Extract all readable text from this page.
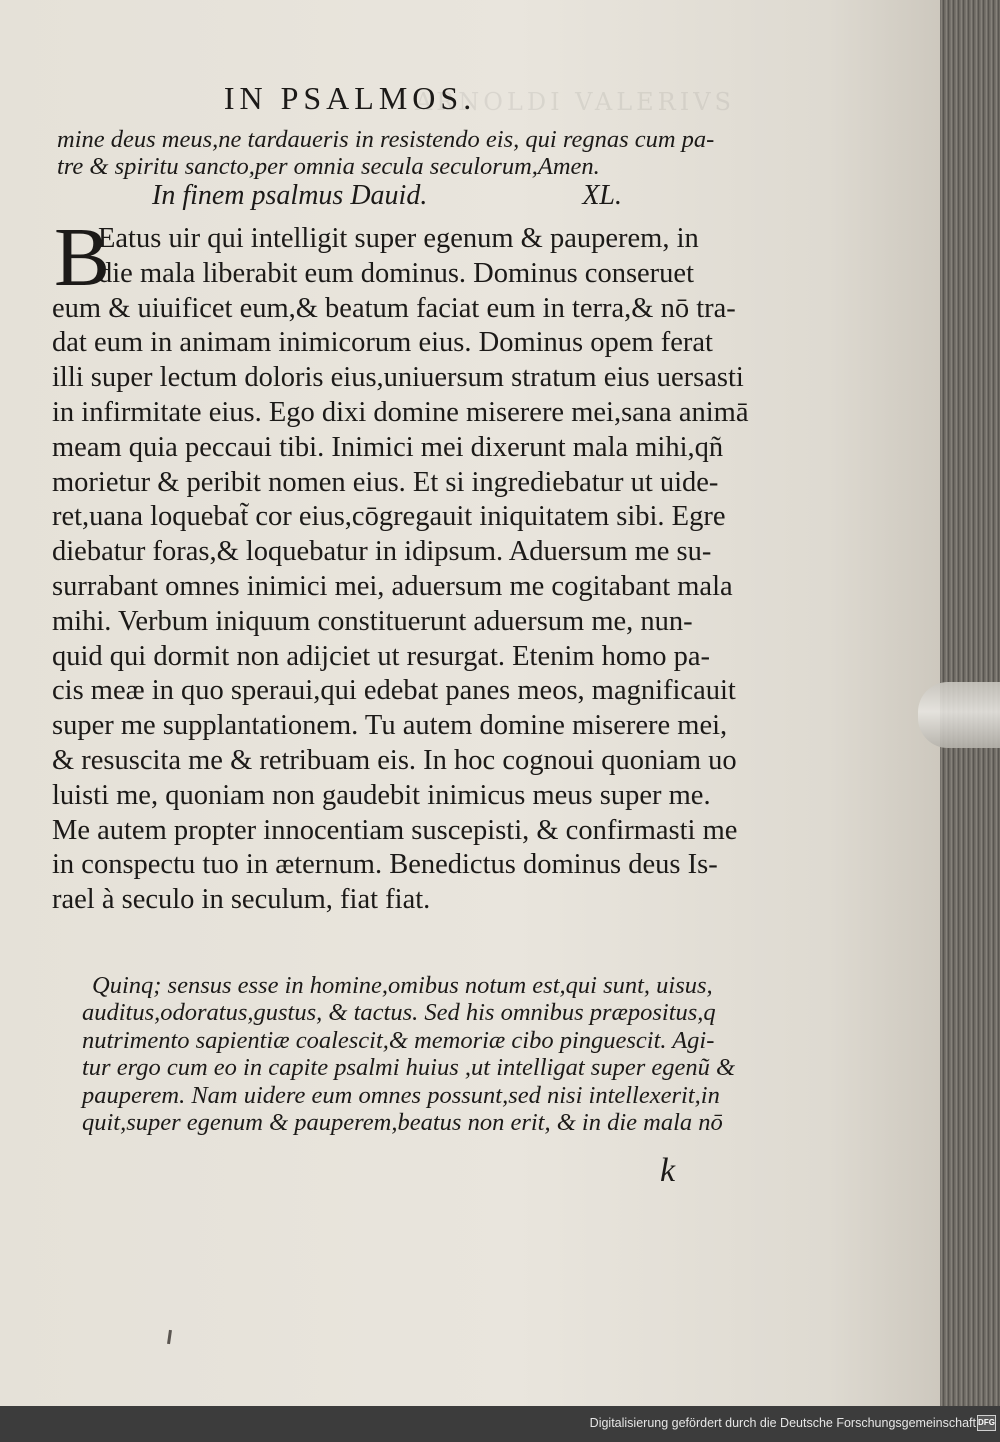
ARNOLDI VALERIVS
IN PSALMOS.
mine deus meus,ne tardaueris in resistendo eis, qui regnas cum pa-
tre & spiritu sancto,per omnia secula seculorum,Amen.
In finem psalmus Dauid.	XL.
B
Eatus uir qui intelligit super egenum & pauperem, in
die mala liberabit eum dominus. Dominus conseruet
eum & uiuificet eum,& beatum faciat eum in terra,& nō tra-
dat eum in animam inimicorum eius. Dominus opem ferat
illi super lectum doloris eius,uniuersum stratum eius uersasti
in infirmitate eius. Ego dixi domine miserere mei,sana animā
meam quia peccaui tibi. Inimici mei dixerunt mala mihi,qñ
morietur & peribit nomen eius. Et si ingrediebatur ut uide-
ret,uana loquebat̃ cor eius,cōgregauit iniquitatem sibi. Egre
diebatur foras,& loquebatur in idipsum. Aduersum me su-
surrabant omnes inimici mei, aduersum me cogitabant mala
mihi. Verbum iniquum constituerunt aduersum me, nun-
quid qui dormit non adijciet ut resurgat. Etenim homo pa-
cis meæ in quo speraui,qui edebat panes meos, magnificauit
super me supplantationem. Tu autem domine miserere mei,
& resuscita me & retribuam eis. In hoc cognoui quoniam uo
luisti me, quoniam non gaudebit inimicus meus super me.
Me autem propter innocentiam suscepisti, & confirmasti me
in conspectu tuo in æternum. Benedictus dominus deus Is-
rael à seculo in seculum, fiat fiat.
Quinq; sensus esse in homine,omibus notum est,qui sunt, uisus,
auditus,odoratus,gustus, & tactus. Sed his omnibus præpositus,q
nutrimento sapientiæ coalescit,& memoriæ cibo pinguescit. Agi-
tur ergo cum eo in capite psalmi huius ,ut intelligat super egenũ &
pauperem. Nam uidere eum omnes possunt,sed nisi intellexerit,in
quit,super egenum & pauperem,beatus non erit, & in die mala nō
k
Digitalisierung gefördert durch die Deutsche Forschungsgemeinschaft DFG
